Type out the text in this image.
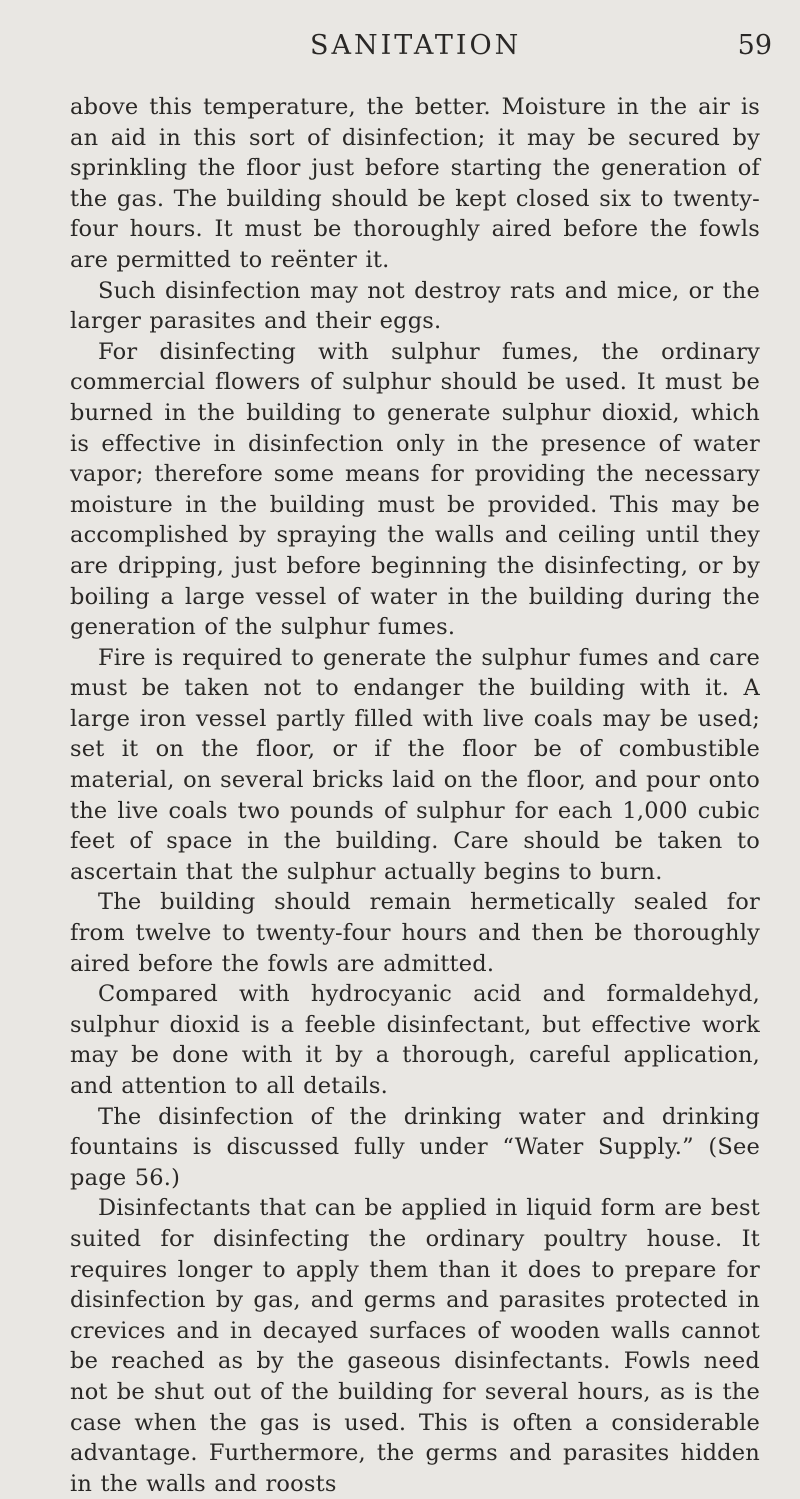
SANITATION	59

above this temperature, the better. Moisture in the air is an aid in this sort of disinfection; it may be secured by sprinkling the floor just before starting the generation of the gas. The building should be kept closed six to twenty-four hours. It must be thoroughly aired before the fowls are permitted to reënter it.

Such disinfection may not destroy rats and mice, or the larger parasites and their eggs.

For disinfecting with sulphur fumes, the ordinary commercial flowers of sulphur should be used. It must be burned in the building to generate sulphur dioxid, which is effective in disinfection only in the presence of water vapor; therefore some means for providing the necessary moisture in the building must be provided. This may be accomplished by spraying the walls and ceiling until they are dripping, just before beginning the disinfecting, or by boiling a large vessel of water in the building during the generation of the sulphur fumes.

Fire is required to generate the sulphur fumes and care must be taken not to endanger the building with it. A large iron vessel partly filled with live coals may be used; set it on the floor, or if the floor be of combustible material, on several bricks laid on the floor, and pour onto the live coals two pounds of sulphur for each 1,000 cubic feet of space in the building. Care should be taken to ascertain that the sulphur actually begins to burn.

The building should remain hermetically sealed for from twelve to twenty-four hours and then be thoroughly aired before the fowls are admitted.

Compared with hydrocyanic acid and formaldehyd, sulphur dioxid is a feeble disinfectant, but effective work may be done with it by a thorough, careful application, and attention to all details.

The disinfection of the drinking water and drinking fountains is discussed fully under “Water Supply.” (See page 56.)

Disinfectants that can be applied in liquid form are best suited for disinfecting the ordinary poultry house. It requires longer to apply them than it does to prepare for disinfection by gas, and germs and parasites protected in crevices and in decayed surfaces of wooden walls cannot be reached as by the gaseous disinfectants. Fowls need not be shut out of the building for several hours, as is the case when the gas is used. This is often a considerable advantage. Furthermore, the germs and parasites hidden in the walls and roosts
